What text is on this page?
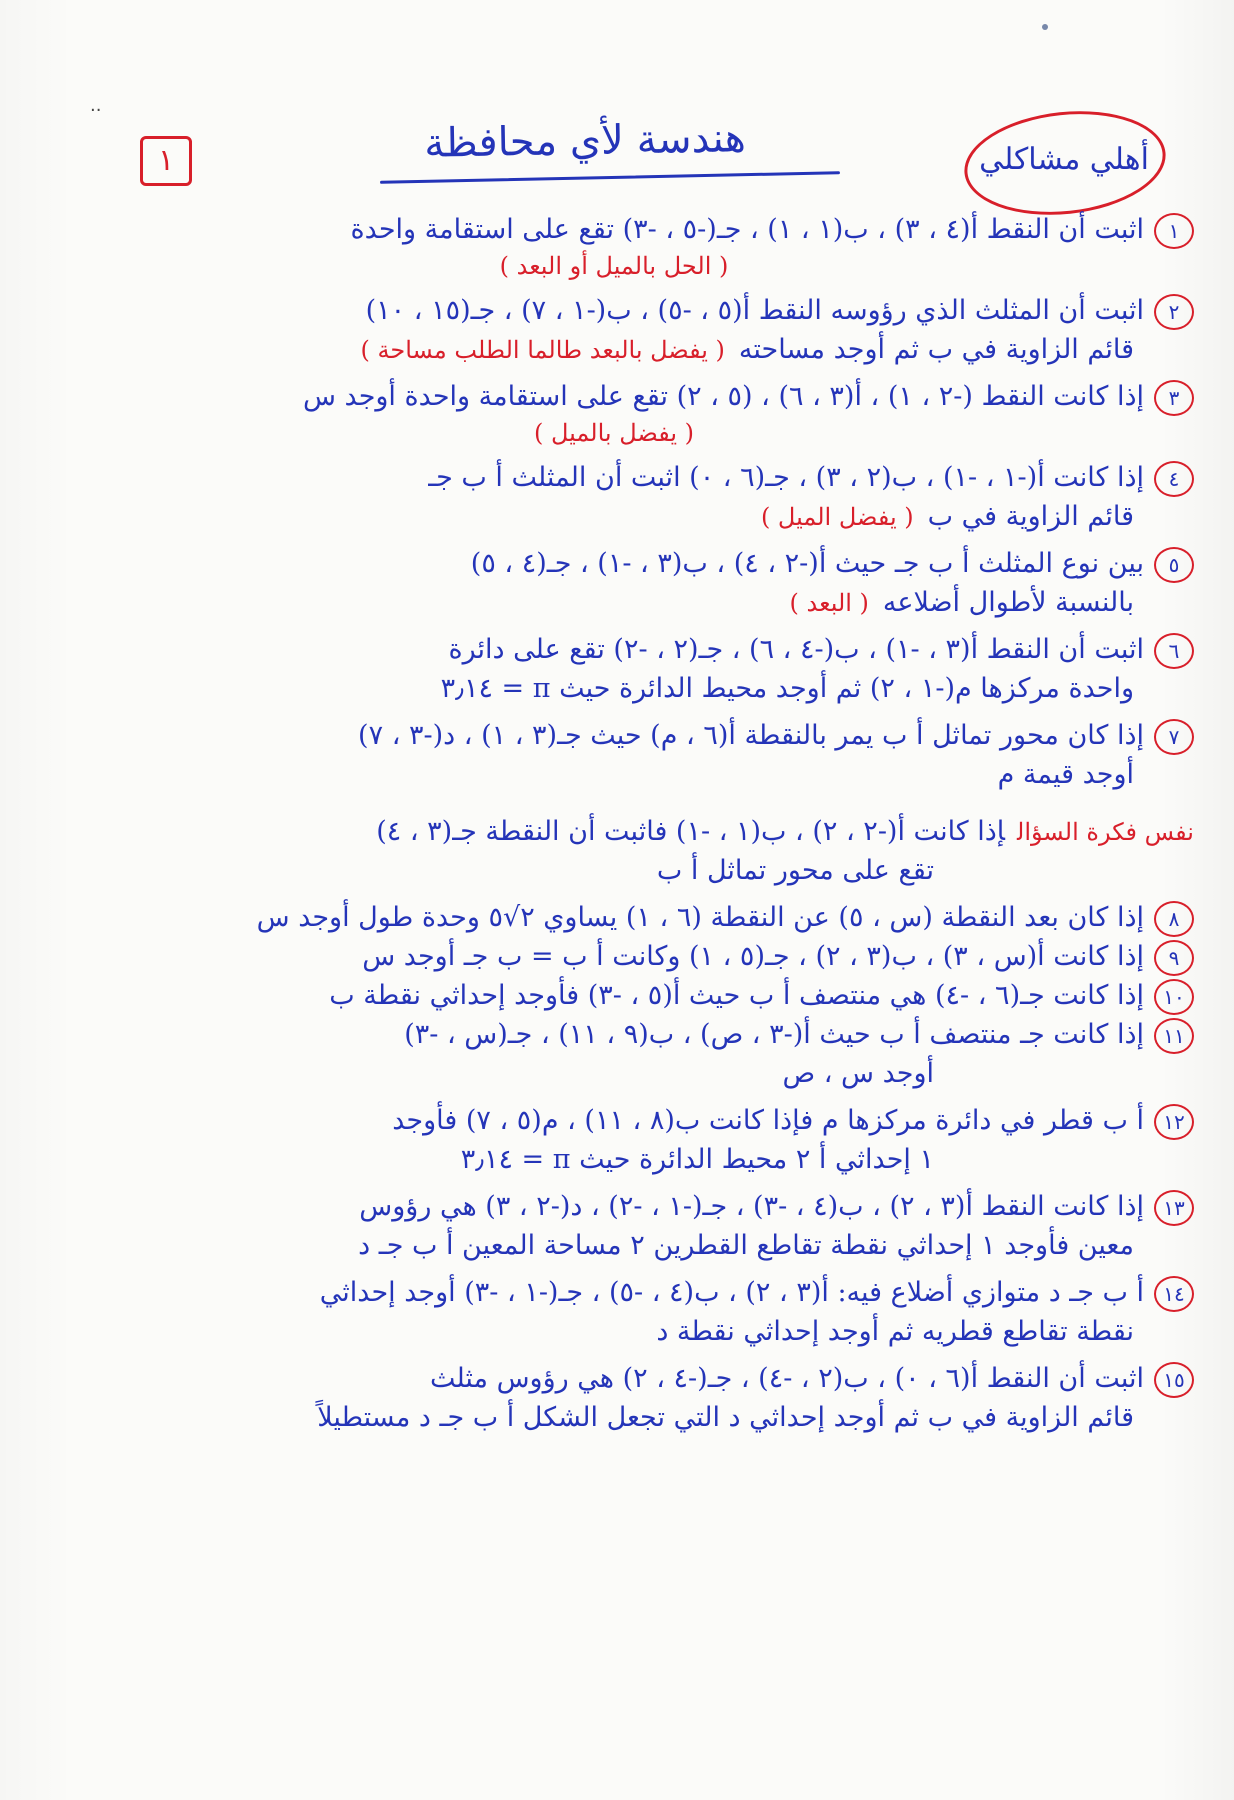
··
١	هندسة لأي محافظة	أهلي مشاكلي
١اثبت أن النقط أ(٤ ، ٣) ، ب(١ ، ١) ، جـ(-٥ ، -٣) تقع على استقامة واحدة
( الحل بالميل أو البعد )
٢اثبت أن المثلث الذي رؤوسه النقط أ(٥ ، -٥) ، ب(-١ ، ٧) ، جـ(١٥ ، ١٠)
قائم الزاوية في ب ثم أوجد مساحته( يفضل بالبعد طالما الطلب مساحة )
٣إذا كانت النقط (-٢ ، ١) ، أ(٣ ، ٦) ، (٥ ، ٢) تقع على استقامة واحدة أوجد س
( يفضل بالميل )
٤إذا كانت أ(-١ ، -١) ، ب(٢ ، ٣) ، جـ(٦ ، ٠) اثبت أن المثلث أ ب جـ
قائم الزاوية في ب( يفضل الميل )
٥بين نوع المثلث أ ب جـ حيث أ(-٢ ، ٤) ، ب(٣ ، -١) ، جـ(٤ ، ٥)
بالنسبة لأطوال أضلاعه( البعد )
٦اثبت أن النقط أ(٣ ، -١) ، ب(-٤ ، ٦) ، جـ(٢ ، -٢) تقع على دائرة
واحدة مركزها م(-١ ، ٢) ثم أوجد محيط الدائرة حيث π = ٣٫١٤
٧إذا كان محور تماثل أ ب يمر بالنقطة أ(٦ ، م) حيث جـ(٣ ، ١) ، د(-٣ ، ٧)
أوجد قيمة م
نفس فكرة السؤالإذا كانت أ(-٢ ، ٢) ، ب(١ ، -١) فاثبت أن النقطة جـ(٣ ، ٤)
تقع على محور تماثل أ ب
٨إذا كان بعد النقطة (س ، ٥) عن النقطة (٦ ، ١) يساوي ٢√٥ وحدة طول أوجد س
٩إذا كانت أ(س ، ٣) ، ب(٣ ، ٢) ، جـ(٥ ، ١) وكانت أ ب = ب جـ أوجد س
١٠إذا كانت جـ(٦ ، -٤) هي منتصف أ ب حيث أ(٥ ، -٣) فأوجد إحداثي نقطة ب
١١إذا كانت جـ منتصف أ ب حيث أ(-٣ ، ص) ، ب(٩ ، ١١) ، جـ(س ، -٣)
أوجد س ، ص
١٢أ ب قطر في دائرة مركزها م فإذا كانت ب(٨ ، ١١) ، م(٥ ، ٧) فأوجد
١ إحداثي أ ٢ محيط الدائرة حيث π = ٣٫١٤
١٣إذا كانت النقط أ(٣ ، ٢) ، ب(٤ ، -٣) ، جـ(-١ ، -٢) ، د(-٢ ، ٣) هي رؤوس
معين فأوجد ١ إحداثي نقطة تقاطع القطرين ٢ مساحة المعين أ ب جـ د
١٤أ ب جـ د متوازي أضلاع فيه: أ(٣ ، ٢) ، ب(٤ ، -٥) ، جـ(-١ ، -٣) أوجد إحداثي
نقطة تقاطع قطريه ثم أوجد إحداثي نقطة د
١٥اثبت أن النقط أ(٦ ، ٠) ، ب(٢ ، -٤) ، جـ(-٤ ، ٢) هي رؤوس مثلث
قائم الزاوية في ب ثم أوجد إحداثي د التي تجعل الشكل أ ب جـ د مستطيلاً
